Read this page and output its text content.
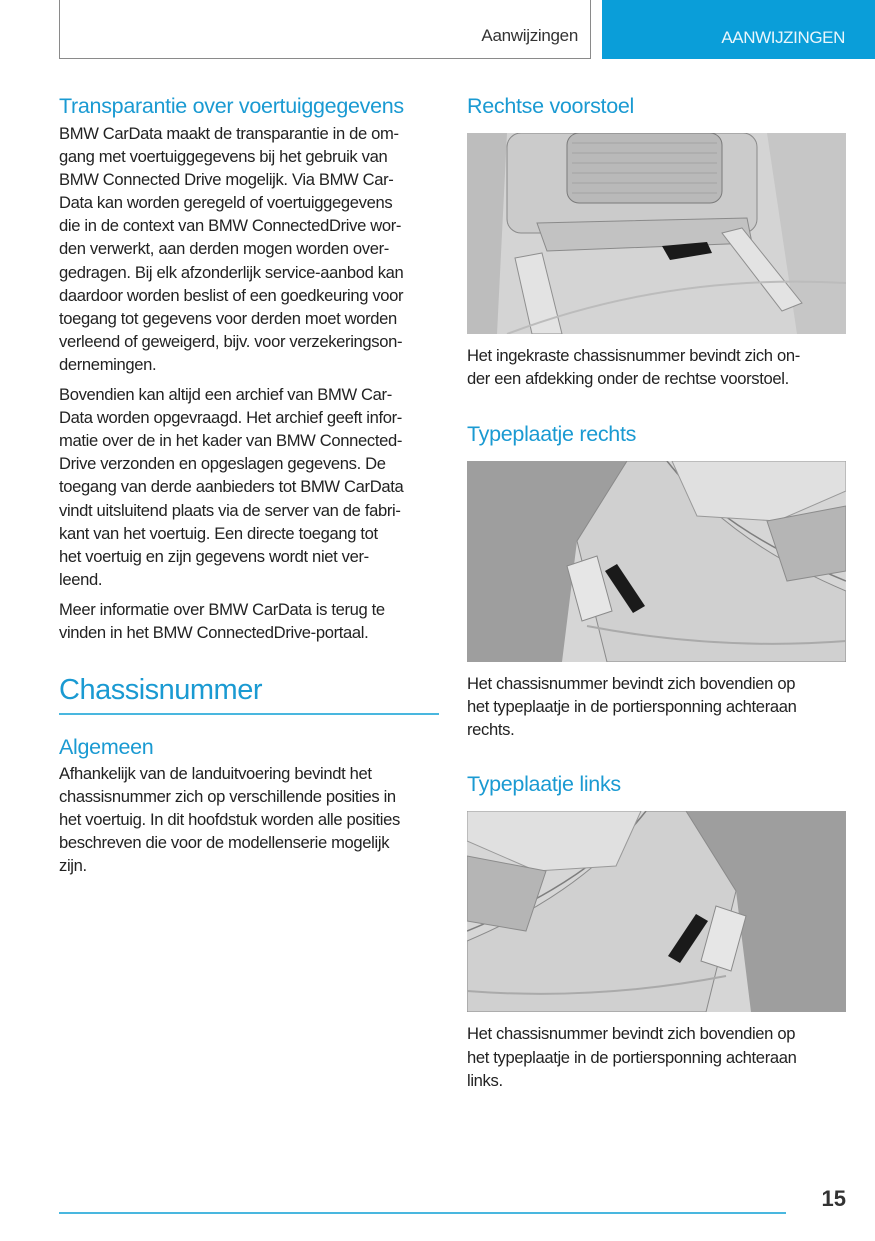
Aanwijzingen	AANWIJZINGEN
Transparantie over voertuiggegevens

BMW CarData maakt de transparantie in de om-
gang met voertuiggegevens bij het gebruik van
BMW Connected Drive mogelijk. Via BMW Car-
Data kan worden geregeld of voertuiggegevens
die in de context van BMW ConnectedDrive wor-
den verwerkt, aan derden mogen worden over-
gedragen. Bij elk afzonderlijk service-aanbod kan
daardoor worden beslist of een goedkeuring voor
toegang tot gegevens voor derden moet worden
verleend of geweigerd, bijv. voor verzekeringson-
dernemingen.

Bovendien kan altijd een archief van BMW Car-
Data worden opgevraagd. Het archief geeft infor-
matie over de in het kader van BMW Connected-
Drive verzonden en opgeslagen gegevens. De
toegang van derde aanbieders tot BMW CarData
vindt uitsluitend plaats via de server van de fabri-
kant van het voertuig. Een directe toegang tot
het voertuig en zijn gegevens wordt niet ver-
leend.

Meer informatie over BMW CarData is terug te
vinden in het BMW ConnectedDrive-portaal.

Chassisnummer
Algemeen

Afhankelijk van de landuitvoering bevindt het
chassisnummer zich op verschillende posities in
het voertuig. In dit hoofdstuk worden alle posities
beschreven die voor de modellenserie mogelijk
zijn.

Rechtse voorstoel

Het ingekraste chassisnummer bevindt zich on-
der een afdekking onder de rechtse voorstoel.

Typeplaatje rechts

Het chassisnummer bevindt zich bovendien op
het typeplaatje in de portiersponning achteraan
rechts.

Typeplaatje links

Het chassisnummer bevindt zich bovendien op
het typeplaatje in de portiersponning achteraan
links.

15
